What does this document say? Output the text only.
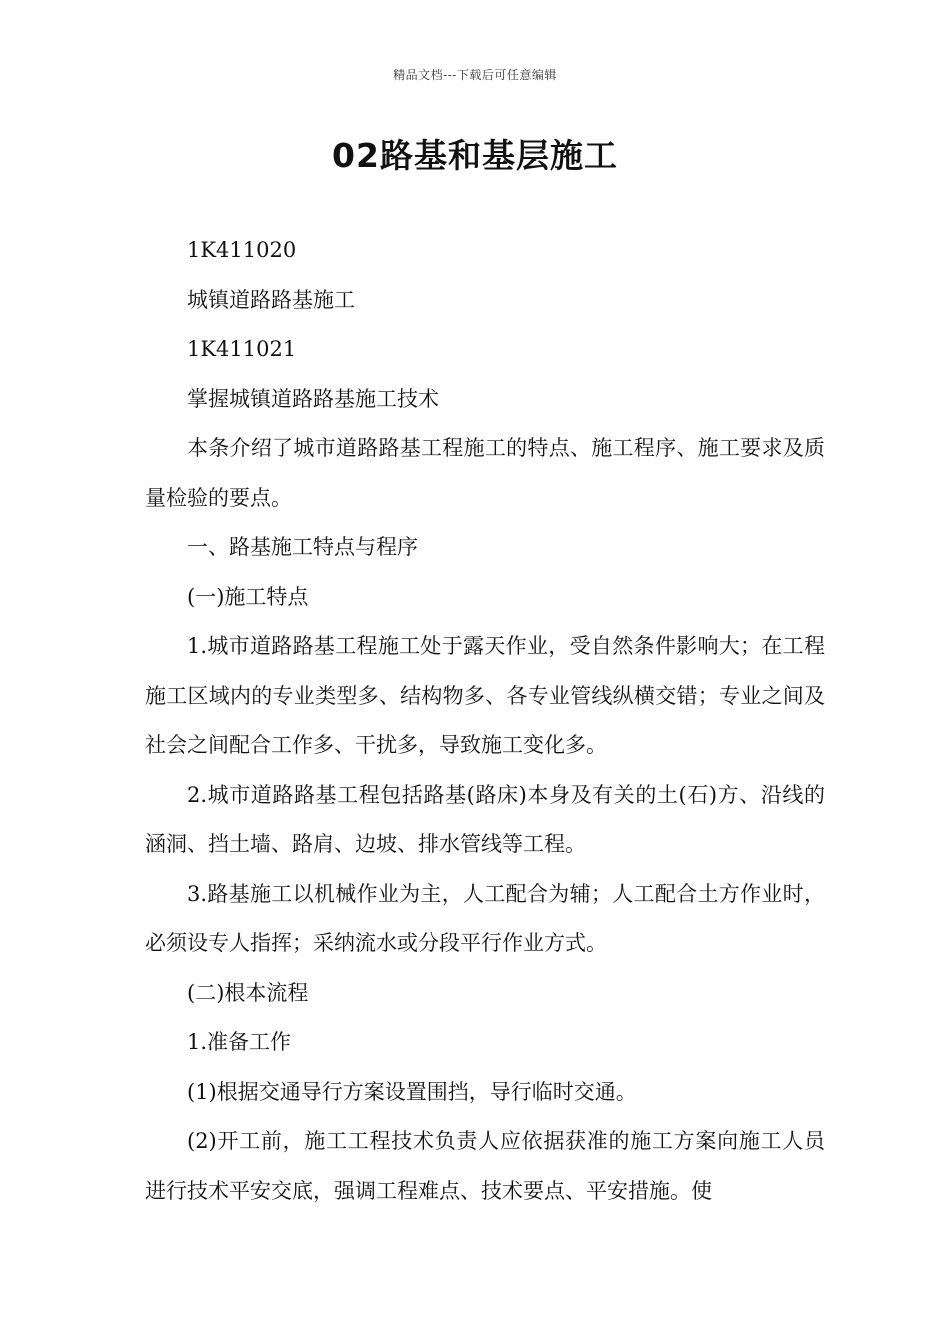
精品文档---下载后可任意编辑
02路基和基层施工

1K411020

城镇道路路基施工

1K411021

掌握城镇道路路基施工技术

本条介绍了城市道路路基工程施工的特点、施工程序、施工要求及质量检验的要点。

一、路基施工特点与程序

(一)施工特点

1.城市道路路基工程施工处于露天作业，受自然条件影响大；在工程施工区域内的专业类型多、结构物多、各专业管线纵横交错；专业之间及社会之间配合工作多、干扰多，导致施工变化多。

2.城市道路路基工程包括路基(路床)本身及有关的土(石)方、沿线的涵洞、挡土墙、路肩、边坡、排水管线等工程。

3.路基施工以机械作业为主，人工配合为辅；人工配合土方作业时，必须设专人指挥；采纳流水或分段平行作业方式。

(二)根本流程

1.准备工作

(1)根据交通导行方案设置围挡，导行临时交通。

(2)开工前，施工工程技术负责人应依据获准的施工方案向施工人员进行技术平安交底，强调工程难点、技术要点、平安措施。使
